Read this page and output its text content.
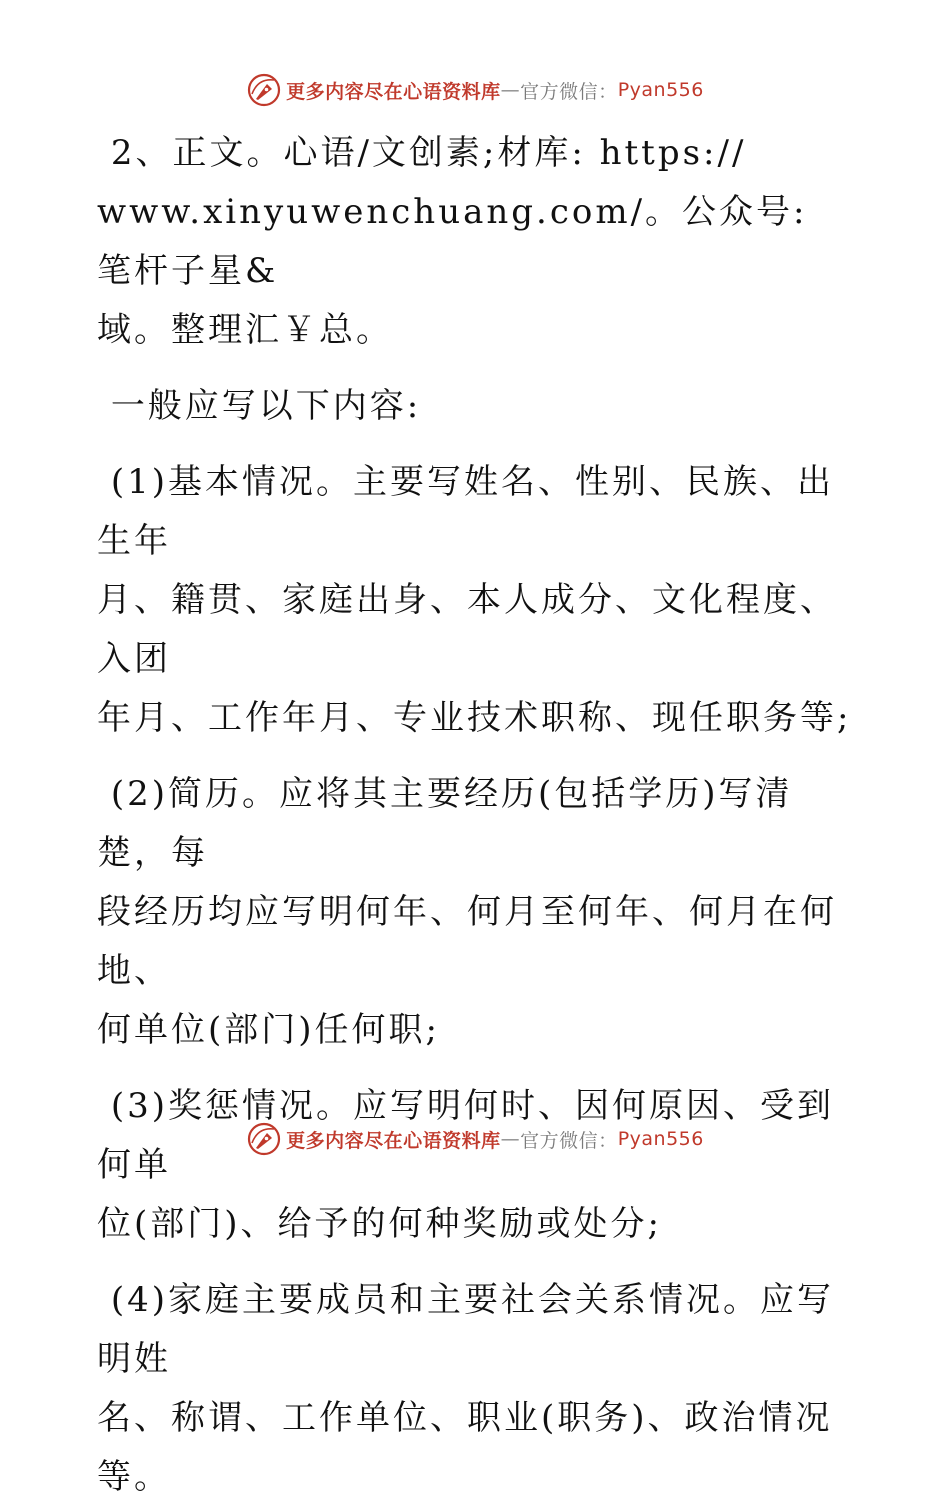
更多内容尽在心语资料库 — 官方微信： Pyan556

2、正文。心语/文创素;材库: https://
www.xinyuwenchuang.com/。公众号: 笔杆子星&
域。整理汇￥总。

一般应写以下内容:

(1)基本情况。主要写姓名、性别、民族、出生年
月、籍贯、家庭出身、本人成分、文化程度、入团
年月、工作年月、专业技术职称、现任职务等;

(2)简历。应将其主要经历(包括学历)写清楚，每
段经历均应写明何年、何月至何年、何月在何地、
何单位(部门)任何职;

(3)奖惩情况。应写明何时、因何原因、受到何单
位(部门)、给予的何种奖励或处分;

(4)家庭主要成员和主要社会关系情况。应写明姓
名、称谓、工作单位、职业(职务)、政治情况等。

更多内容尽在心语资料库 — 官方微信： Pyan556
